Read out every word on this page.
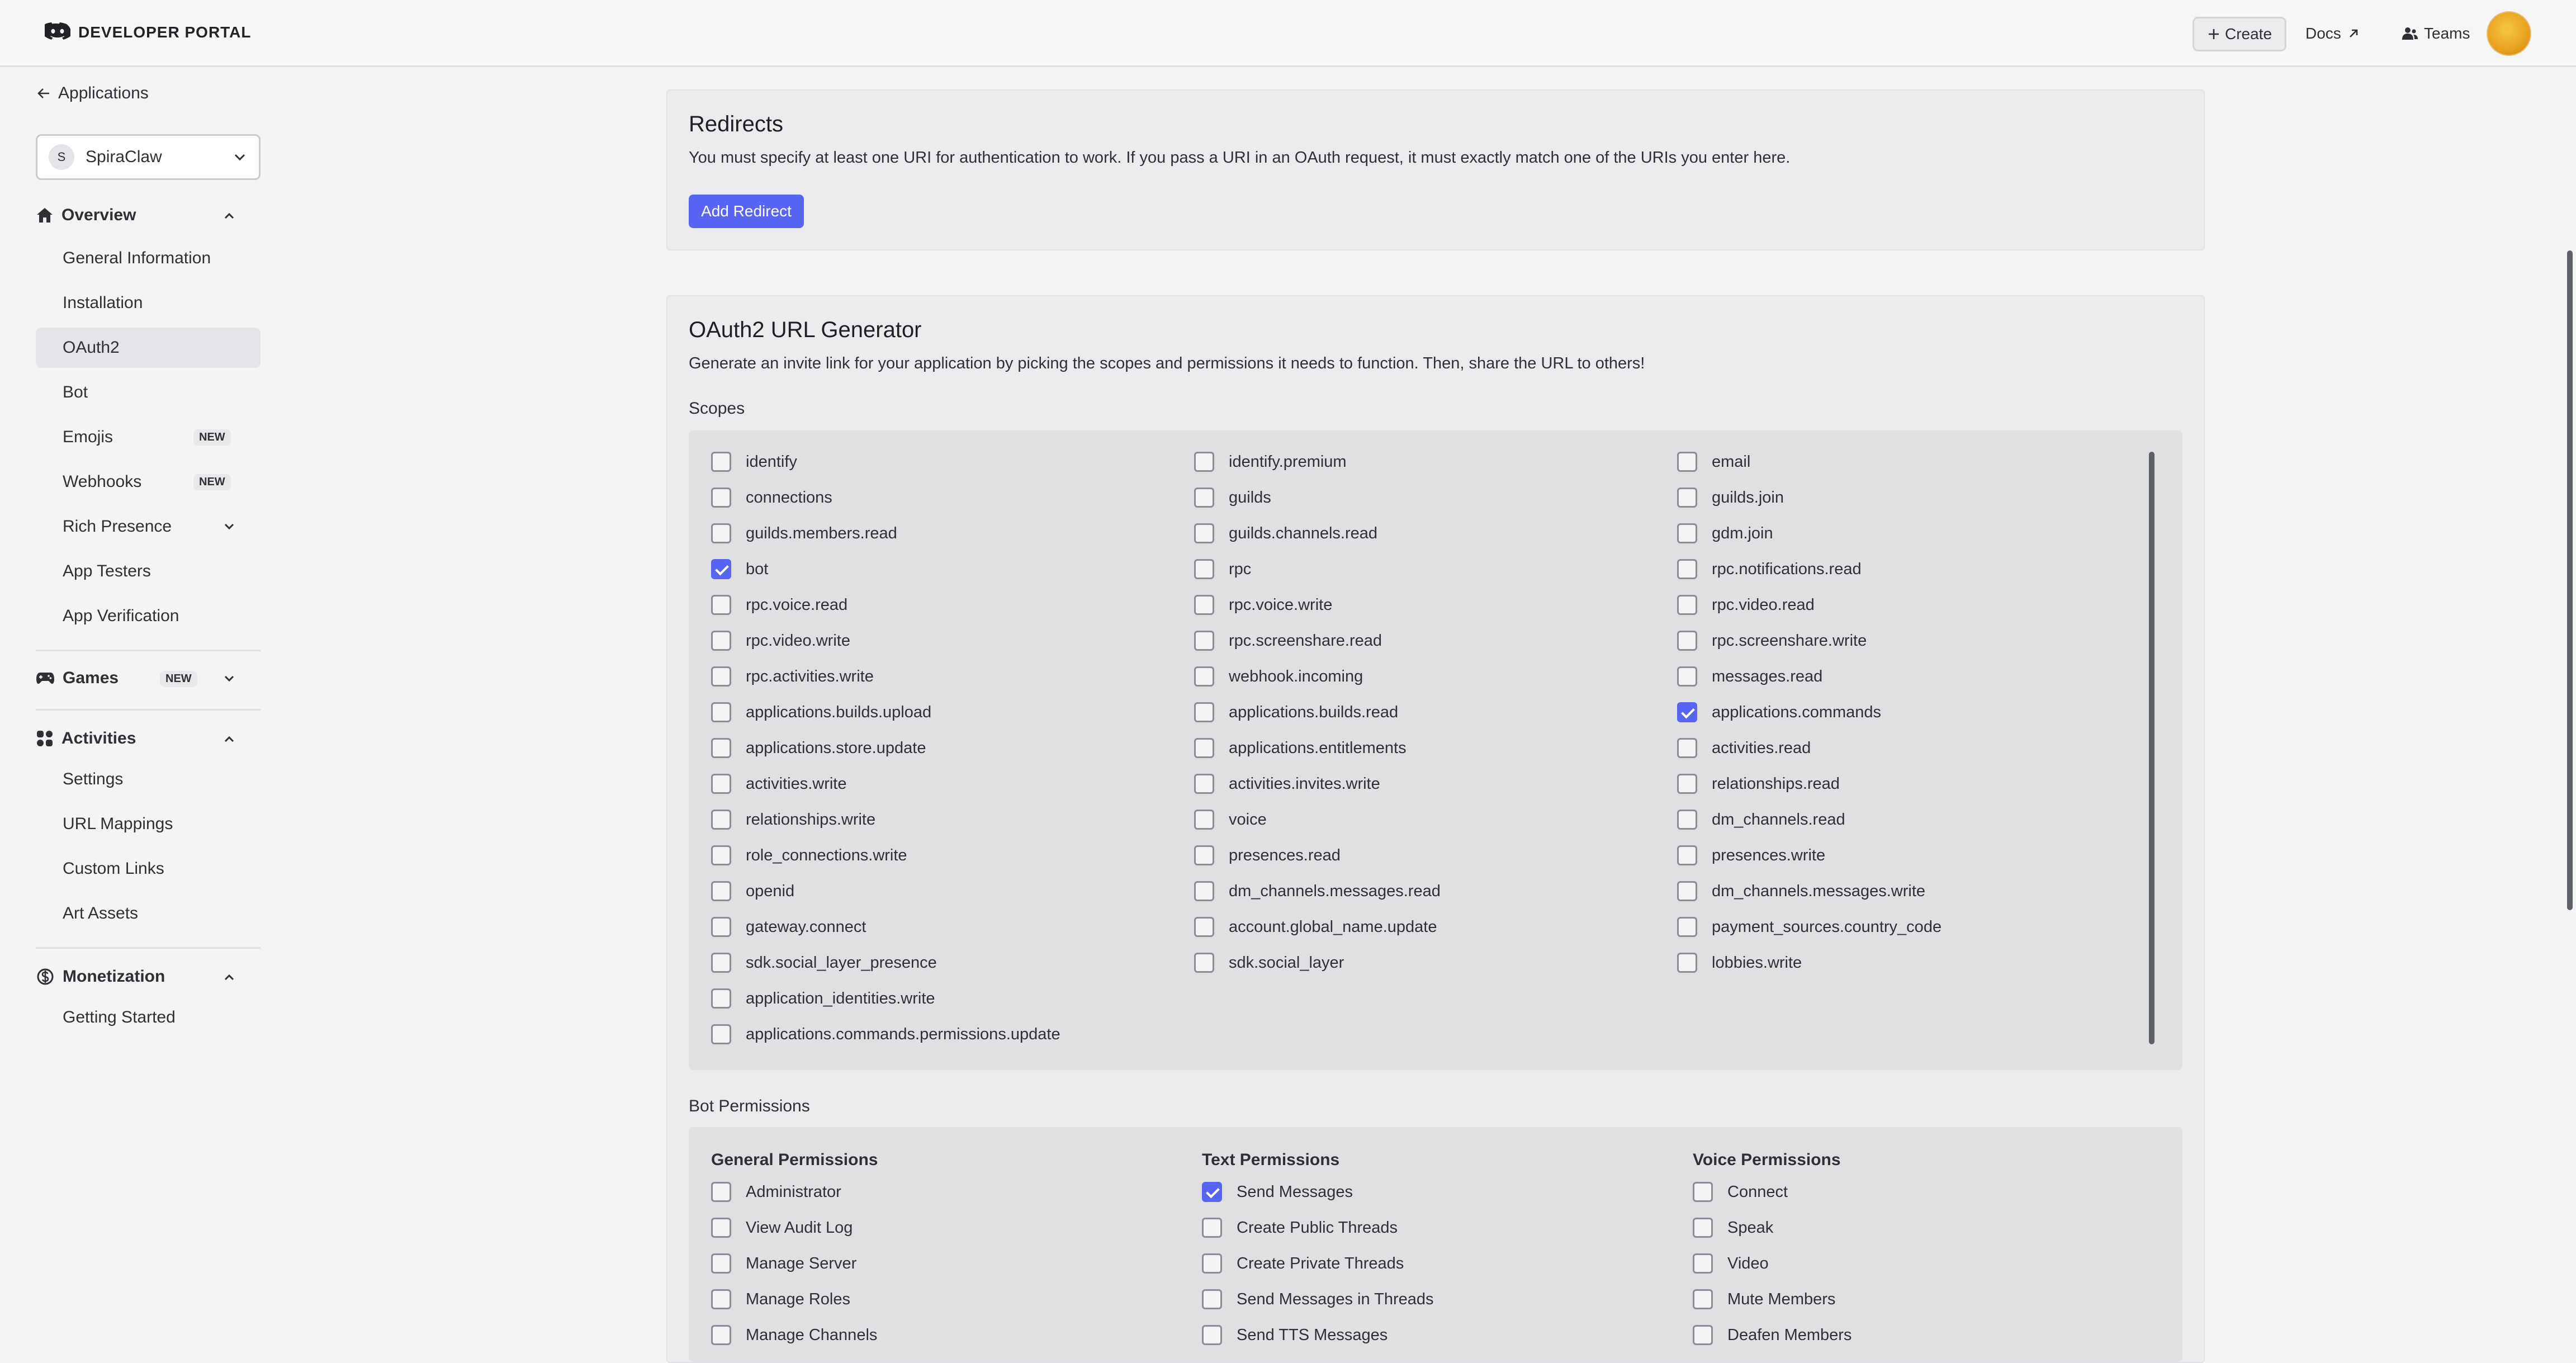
DEVELOPER PORTAL	Create Docs	Teams
Applications
S	SpiraClaw
Overview
General Information
Installation
OAuth2
Bot
Emojis	NEW
Webhooks	NEW
Rich Presence
App Testers
App Verification
Games	NEW
Activities
Settings
URL Mappings
Custom Links
Art Assets
Monetization
Getting Started
Redirects
You must specify at least one URI for authentication to work. If you pass a URI in an OAuth request, it must exactly match one of the URIs you enter here.
Add Redirect
OAuth2 URL Generator
Generate an invite link for your application by picking the scopes and permissions it needs to function. Then, share the URL to others!
Scopes
identify
connections
guilds.members.read
bot
rpc.voice.read
rpc.video.write
rpc.activities.write
applications.builds.upload
applications.store.update
activities.write
relationships.write
role_connections.write
openid
gateway.connect
sdk.social_layer_presence
application_identities.write
applications.commands.permissions.update
identify.premium
guilds
guilds.channels.read
rpc
rpc.voice.write
rpc.screenshare.read
webhook.incoming
applications.builds.read
applications.entitlements
activities.invites.write
voice
presences.read
dm_channels.messages.read
account.global_name.update
sdk.social_layer
email
guilds.join
gdm.join
rpc.notifications.read
rpc.video.read
rpc.screenshare.write
messages.read
applications.commands
activities.read
relationships.read
dm_channels.read
presences.write
dm_channels.messages.write
payment_sources.country_code
lobbies.write
Bot Permissions
General Permissions
Administrator
View Audit Log
Manage Server
Manage Roles
Manage Channels
Text Permissions
Send Messages
Create Public Threads
Create Private Threads
Send Messages in Threads
Send TTS Messages
Voice Permissions
Connect
Speak
Video
Mute Members
Deafen Members
